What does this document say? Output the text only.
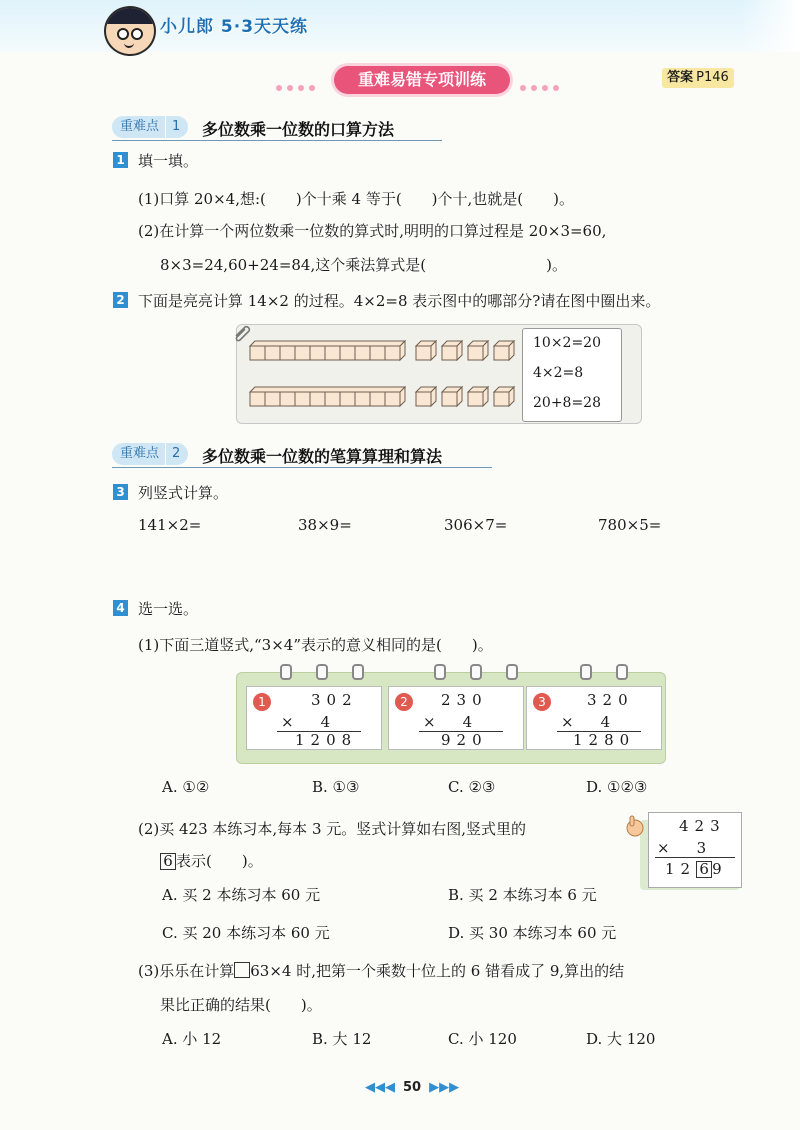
小儿郎 5·3天天练
重难易错专项训练	答案 P146
重难点 1	多位数乘一位数的口算方法
1 填一填。
(1)口算 20×4,想:(　　)个十乘 4 等于(　　)个十,也就是(　　)。
(2)在计算一个两位数乘一位数的算式时,明明的口算过程是 20×3=60,
8×3=24,60+24=84,这个乘法算式是(　　　　　　　　)。
2 下面是亮亮计算 14×2 的过程。4×2=8 表示图中的哪部分?请在图中圈出来。
10×2=20
4×2=8
20+8=28
重难点 2	多位数乘一位数的笔算算理和算法
3 列竖式计算。
141×2=	38×9=	306×7=	780×5=
4 选一选。
(1)下面三道竖式,“3×4”表示的意义相同的是(　　)。
1	302
×　4
1208
2	230
×　4
920
3	320
×　4
1280
A. ①②	B. ①③	C. ②③	D. ①②③
(2)买 423 本练习本,每本 3 元。竖式计算如右图,竖式里的
6 表示(　　)。
423
×　3
12 6 9
A. 买 2 本练习本 60 元	B. 买 2 本练习本 6 元
C. 买 20 本练习本 60 元	D. 买 30 本练习本 60 元
(3)乐乐在计算 63×4 时,把第一个乘数十位上的 6 错看成了 9,算出的结
果比正确的结果(　　)。
A. 小 12	B. 大 12	C. 小 120	D. 大 120
◀◀◀ 50 ▶▶▶
